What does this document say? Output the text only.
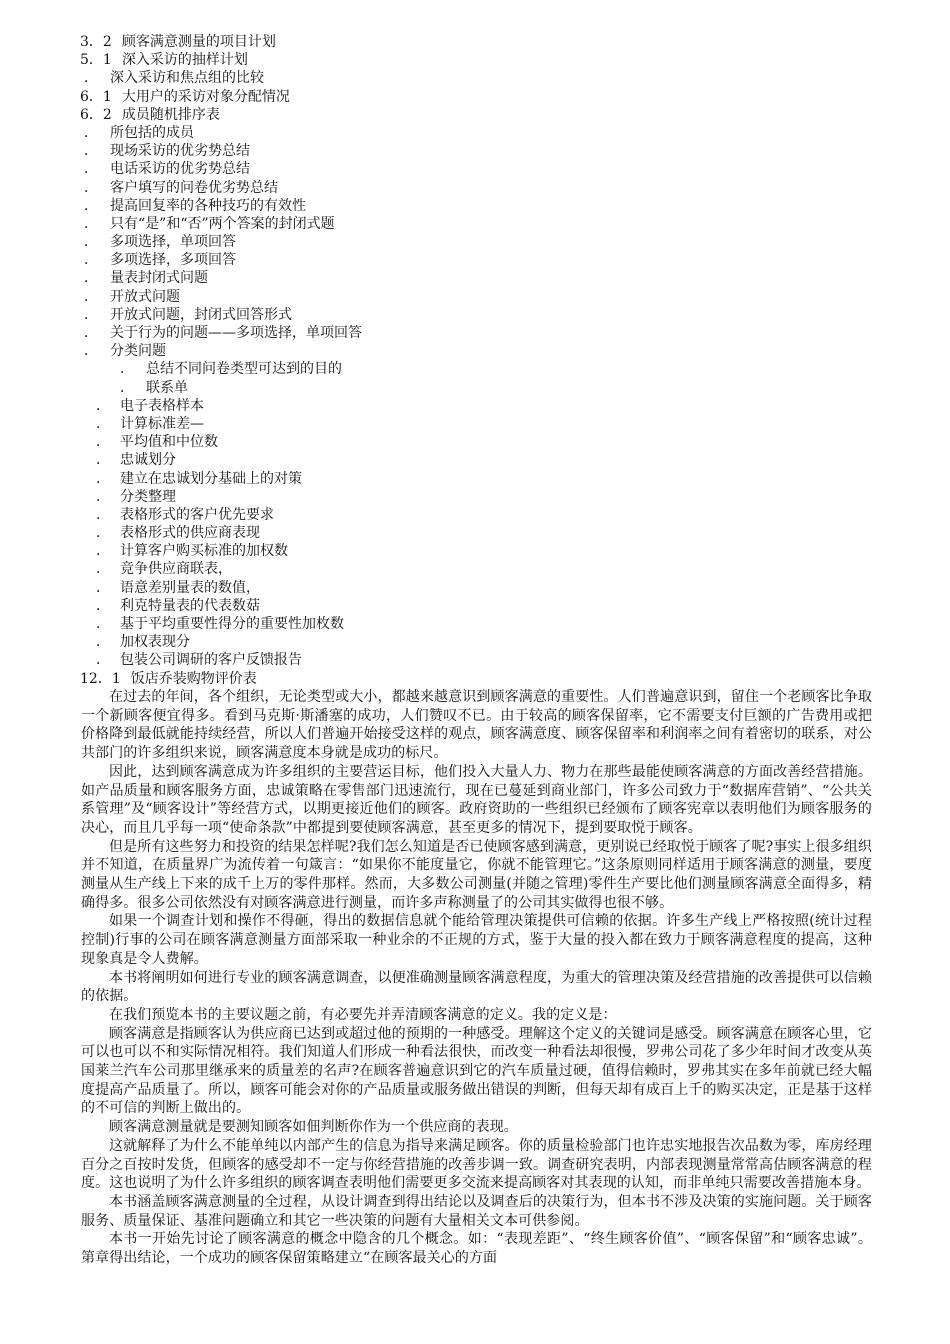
3．2 顾客满意测量的项目计划
5．1 深入采访的抽样计划
． 深入采访和焦点组的比较
6．1 大用户的采访对象分配情况
6．2 成员随机排序表
． 所包括的成员
． 现场采访的优劣势总结
． 电话采访的优劣势总结
． 客户填写的问卷优劣势总结
． 提高回复率的各种技巧的有效性
． 只有“是”和“否”两个答案的封闭式题
． 多项选择，单项回答
． 多项选择，多项回答
． 量表封闭式问题
． 开放式问题
． 开放式问题，封闭式回答形式
． 关于行为的问题——多项选择，单项回答
． 分类问题
． 总结不同问卷类型可达到的目的
． 联系单
． 电子表格样本
． 计算标准差—
． 平均值和中位数
． 忠诚划分
． 建立在忠诚划分基础上的对策
． 分类整理
． 表格形式的客户优先要求
． 表格形式的供应商表现
． 计算客户购买标准的加权数
． 竞争供应商联表，
． 语意差别量表的数值，
． 利克特量表的代表数菇
． 基于平均重要性得分的重要性加枚数
． 加权表现分
． 包装公司调研的客户反馈报告
12．1 饭店乔装购物评价表

在过去的年间，各个组织，无论类型或大小，都越来越意识到顾客满意的重要性。人们普遍意识到，留住一个老顾客比争取一个新顾客便宜得多。看到马克斯·斯潘塞的成功，人们赞叹不已。由于较高的顾客保留率，它不需要支付巨额的广告费用或把价格降到最低就能持续经营，所以人们普遍开始接受这样的观点，顾客满意度、顾客保留率和利润率之间有着密切的联系，对公共部门的许多组织来说，顾客满意度本身就是成功的标尺。

因此，达到顾客满意成为许多组织的主要营运目标，他们投入大量人力、物力在那些最能使顾客满意的方面改善经营措施。如产品质量和顾客服务方面，忠诚策略在零售部门迅速流行，现在已蔓延到商业部门，许多公司致力于“数据库营销”、“公共关系管理”及“顾客设计”等经营方式，以期更接近他们的顾客。政府资助的一些组织已经颁布了顾客宪章以表明他们为顾客服务的决心，而且几乎每一项“使命条款”中都提到要使顾客满意，甚至更多的情况下，提到要取悦于顾客。

但是所有这些努力和投资的结果怎样呢?我们怎么知道是否已使顾客感到满意，更别说已经取悦于顾客了呢?事实上很多组织并不知道，在质量界广为流传着一句箴言：“如果你不能度量它，你就不能管理它。”这条原则同样适用于顾客满意的测量，要度测量从生产线上下来的成千上万的零件那样。然而，大多数公司测量(并随之管理)零件生产要比他们测量顾客满意全面得多，精确得多。很多公司依然没有对顾客满意进行测量，而许多声称测量了的公司其实做得也很不够。

如果一个调查计划和操作不得砸，得出的数据信息就个能给管理决策提供可信赖的依据。许多生产线上严格按照(统计过程控制)行事的公司在顾客满意测量方面部采取一种业余的不正规的方式，鉴于大量的投入都在致力于顾客满意程度的提高，这种现象真是令人费解。

本书将阐明如何进行专业的顾客满意调查，以便准确测量顾客满意程度，为重大的管理决策及经营措施的改善提供可以信赖的依据。

在我们预览本书的主要议题之前，有必要先并弄清顾客满意的定义。我的定义是：

顾客满意是指顾客认为供应商已达到或超过他的预期的一种感受。理解这个定义的关键词是感受。顾客满意在顾客心里，它可以也可以不和实际情况相符。我们知道人们形成一种看法很快，而改变一种看法却很慢，罗弗公司花了多少年时间才改变从英国莱兰汽车公司那里继承来的质量差的名声?在顾客普遍意识到它的汽车质量过硬，值得信赖时，罗弗其实在多年前就已经大幅度提高产品质量了。所以，顾客可能会对你的产品质量或服务做出错误的判断，但每天却有成百上千的购买决定，正是基于这样的不可信的判断上做出的。

顾客满意测量就是要测知顾客如佃判断你作为一个供应商的表现。

这就解释了为什么不能单纯以内部产生的信息为指导来满足顾客。你的质量检验部门也许忠实地报告次品数为零，库房经理百分之百按时发货，但顾客的感受却不一定与你经营措施的改善步调一致。调查研究表明，内部表现测量常常高估顾客满意的程度。这也说明了为什么许多组织的顾客调查表明他们需要更多交流来提高顾客对其表现的认知，而非单纯只需要改善措施本身。

本书涵盖顾客满意测量的全过程，从设计调查到得出结论以及调查后的决策行为，但本书不涉及决策的实施问题。关于顾客服务、质量保证、基准问题确立和其它一些决策的问题有大量相关文本可供参阅。

本书一开始先讨论了顾客满意的概念中隐含的几个概念。如：“表现差距”、“终生顾客价值”、“顾客保留”和“顾客忠诚”。第章得出结论，一个成功的顾客保留策略建立“在顾客最关心的方面
